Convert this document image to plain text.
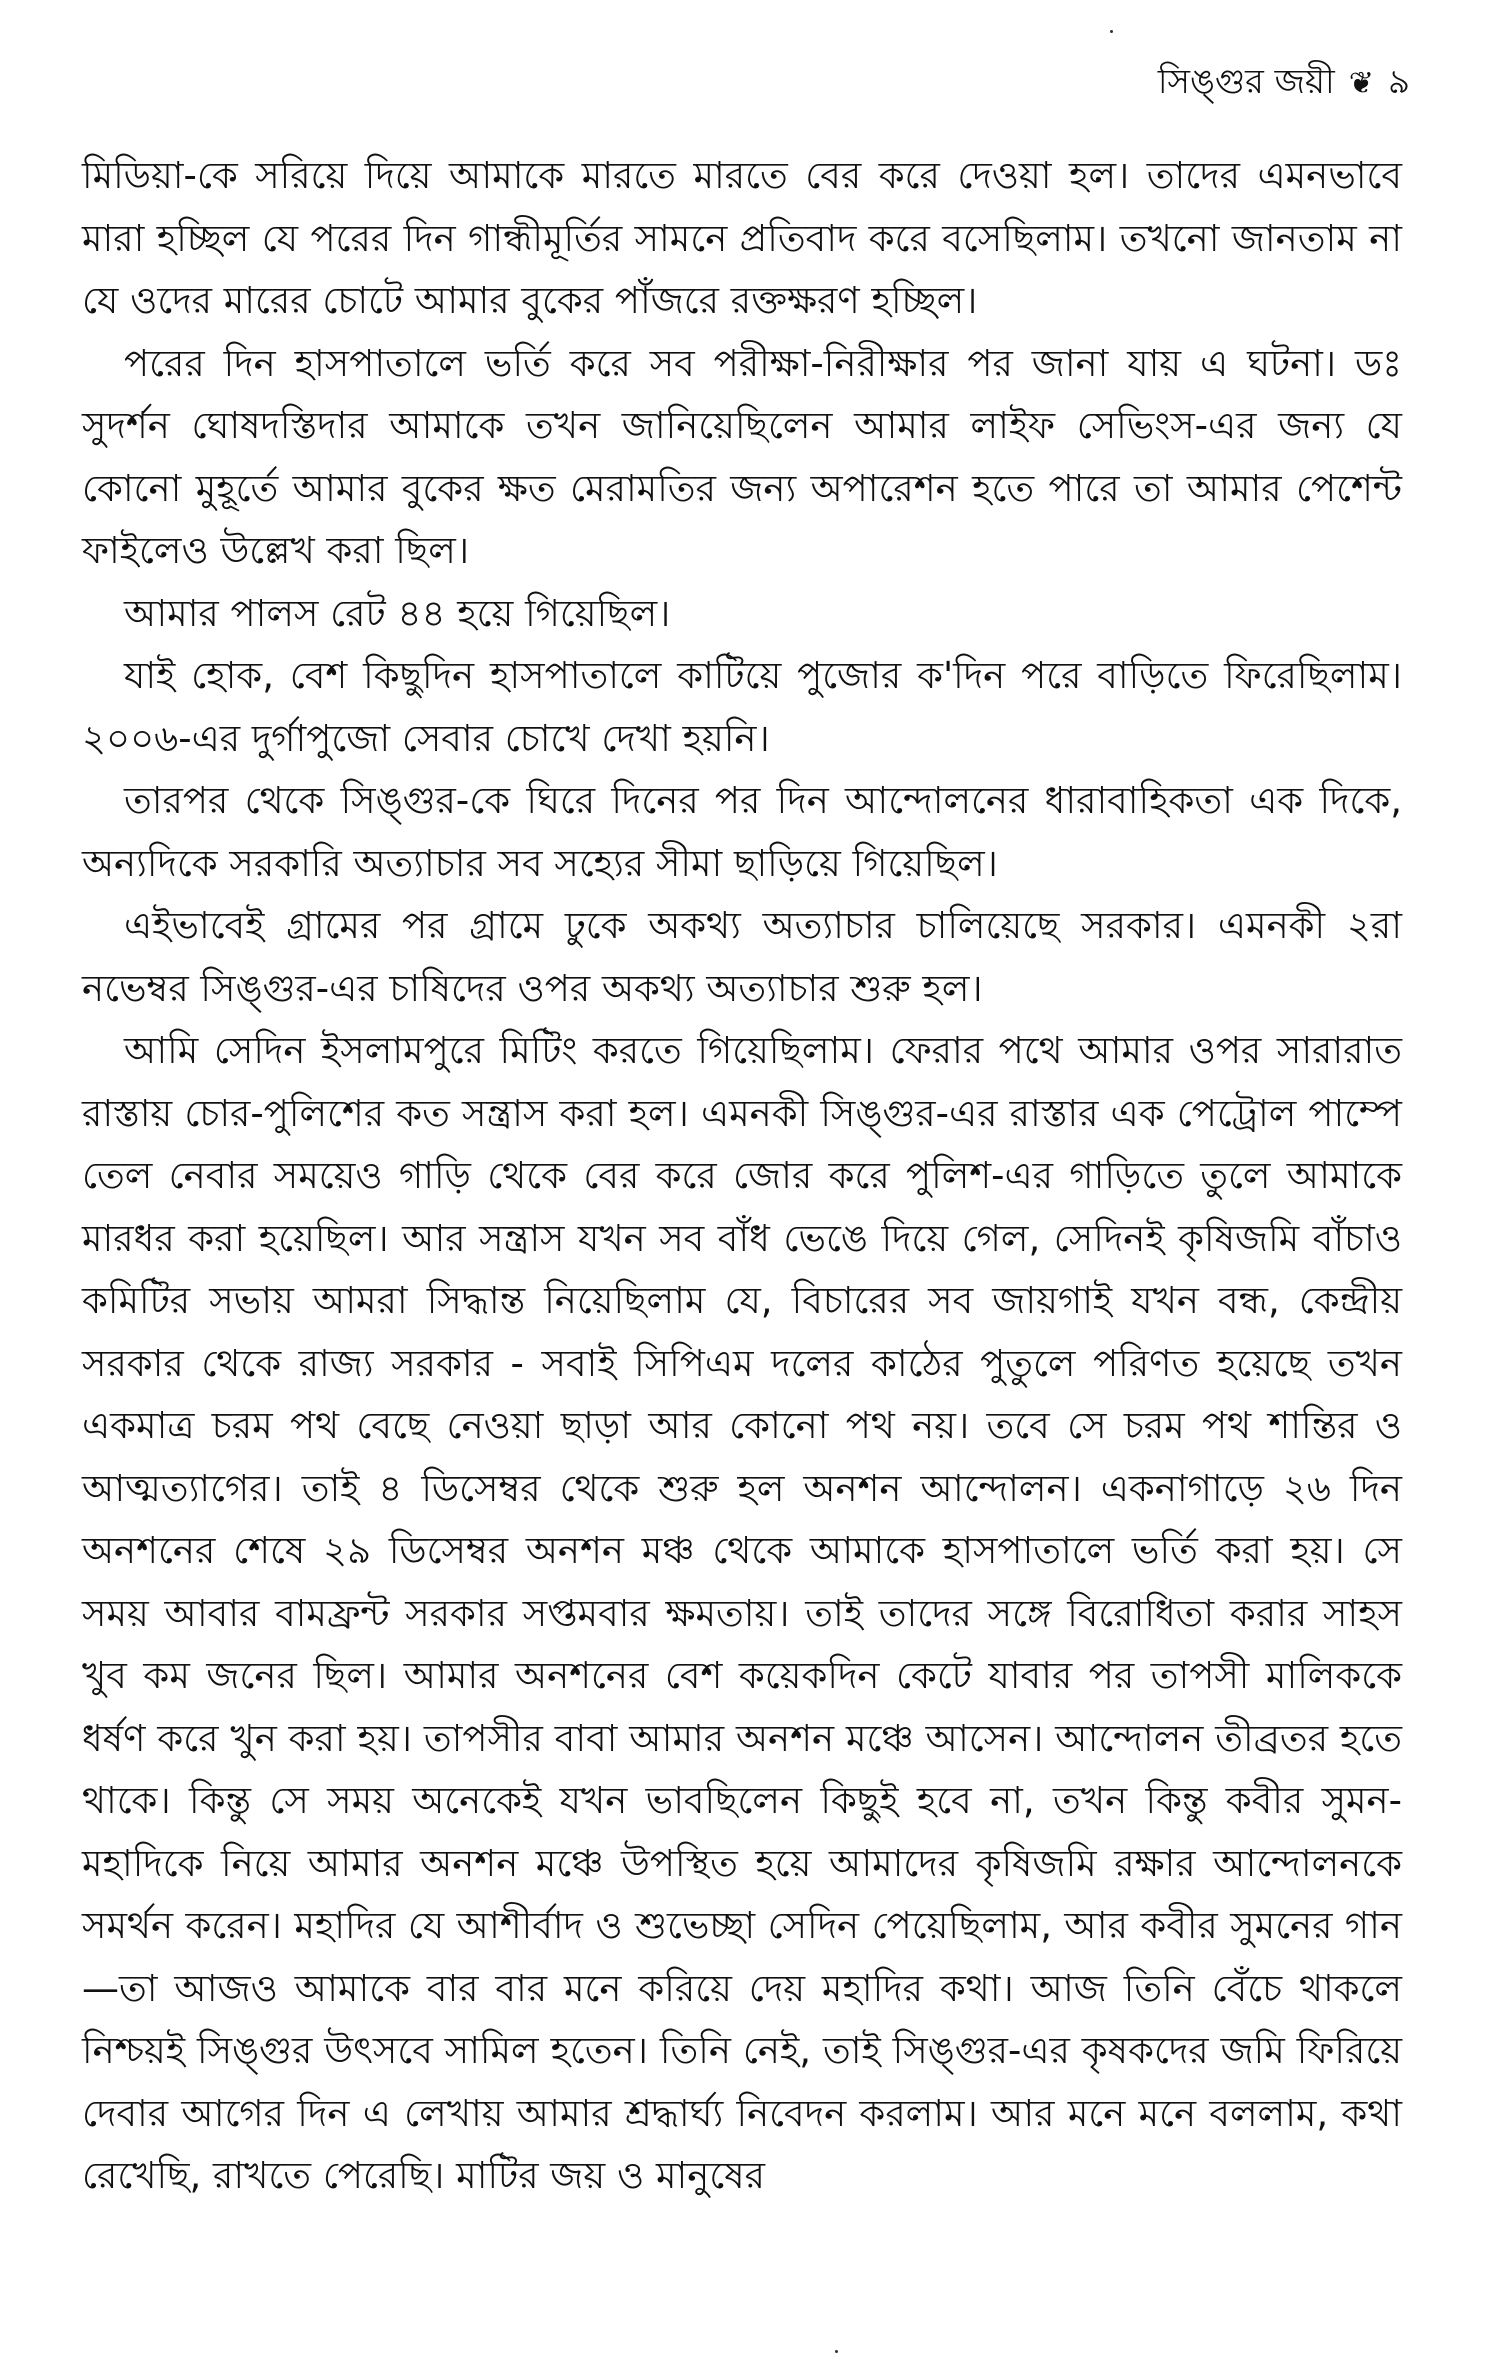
সিঙ্গুর জয়ী ❦ ৯

মিডিয়া-কে সরিয়ে দিয়ে আমাকে মারতে মারতে বের করে দেওয়া হল। তাদের এমনভাবে মারা হচ্ছিল যে পরের দিন গান্ধীমূর্তির সামনে প্রতিবাদ করে বসেছিলাম। তখনো জানতাম না যে ওদের মারের চোটে আমার বুকের পাঁজরে রক্তক্ষরণ হচ্ছিল।

পরের দিন হাসপাতালে ভর্তি করে সব পরীক্ষা-নিরীক্ষার পর জানা যায় এ ঘটনা। ডঃ সুদর্শন ঘোষদস্তিদার আমাকে তখন জানিয়েছিলেন আমার লাইফ সেভিংস-এর জন্য যে কোনো মুহূর্তে আমার বুকের ক্ষত মেরামতির জন্য অপারেশন হতে পারে তা আমার পেশেন্ট ফাইলেও উল্লেখ করা ছিল।

আমার পালস রেট ৪৪ হয়ে গিয়েছিল।

যাই হোক, বেশ কিছুদিন হাসপাতালে কাটিয়ে পুজোর ক'দিন পরে বাড়িতে ফিরেছিলাম। ২০০৬-এর দুর্গাপুজো সেবার চোখে দেখা হয়নি।

তারপর থেকে সিঙ্গুর-কে ঘিরে দিনের পর দিন আন্দোলনের ধারাবাহিকতা এক দিকে, অন্যদিকে সরকারি অত্যাচার সব সহ্যের সীমা ছাড়িয়ে গিয়েছিল।

এইভাবেই গ্রামের পর গ্রামে ঢুকে অকথ্য অত্যাচার চালিয়েছে সরকার। এমনকী ২রা নভেম্বর সিঙ্গুর-এর চাষিদের ওপর অকথ্য অত্যাচার শুরু হল।

আমি সেদিন ইসলামপুরে মিটিং করতে গিয়েছিলাম। ফেরার পথে আমার ওপর সারারাত রাস্তায় চোর-পুলিশের কত সন্ত্রাস করা হল। এমনকী সিঙ্গুর-এর রাস্তার এক পেট্রোল পাম্পে তেল নেবার সময়েও গাড়ি থেকে বের করে জোর করে পুলিশ-এর গাড়িতে তুলে আমাকে মারধর করা হয়েছিল। আর সন্ত্রাস যখন সব বাঁধ ভেঙে দিয়ে গেল, সেদিনই কৃষিজমি বাঁচাও কমিটির সভায় আমরা সিদ্ধান্ত নিয়েছিলাম যে, বিচারের সব জায়গাই যখন বন্ধ, কেন্দ্রীয় সরকার থেকে রাজ্য সরকার - সবাই সিপিএম দলের কাঠের পুতুলে পরিণত হয়েছে তখন একমাত্র চরম পথ বেছে নেওয়া ছাড়া আর কোনো পথ নয়। তবে সে চরম পথ শান্তির ও আত্মত্যাগের। তাই ৪ ডিসেম্বর থেকে শুরু হল অনশন আন্দোলন। একনাগাড়ে ২৬ দিন অনশনের শেষে ২৯ ডিসেম্বর অনশন মঞ্চ থেকে আমাকে হাসপাতালে ভর্তি করা হয়। সে সময় আবার বামফ্রন্ট সরকার সপ্তমবার ক্ষমতায়। তাই তাদের সঙ্গে বিরোধিতা করার সাহস খুব কম জনের ছিল। আমার অনশনের বেশ কয়েকদিন কেটে যাবার পর তাপসী মালিককে ধর্ষণ করে খুন করা হয়। তাপসীর বাবা আমার অনশন মঞ্চে আসেন। আন্দোলন তীব্রতর হতে থাকে। কিন্তু সে সময় অনেকেই যখন ভাবছিলেন কিছুই হবে না, তখন কিন্তু কবীর সুমন-মহাদিকে নিয়ে আমার অনশন মঞ্চে উপস্থিত হয়ে আমাদের কৃষিজমি রক্ষার আন্দোলনকে সমর্থন করেন। মহাদির যে আশীর্বাদ ও শুভেচ্ছা সেদিন পেয়েছিলাম, আর কবীর সুমনের গান—তা আজও আমাকে বার বার মনে করিয়ে দেয় মহাদির কথা। আজ তিনি বেঁচে থাকলে নিশ্চয়ই সিঙ্গুর উৎসবে সামিল হতেন। তিনি নেই, তাই সিঙ্গুর-এর কৃষকদের জমি ফিরিয়ে দেবার আগের দিন এ লেখায় আমার শ্রদ্ধার্ঘ্য নিবেদন করলাম। আর মনে মনে বললাম, কথা রেখেছি, রাখতে পেরেছি। মাটির জয় ও মানুষের
